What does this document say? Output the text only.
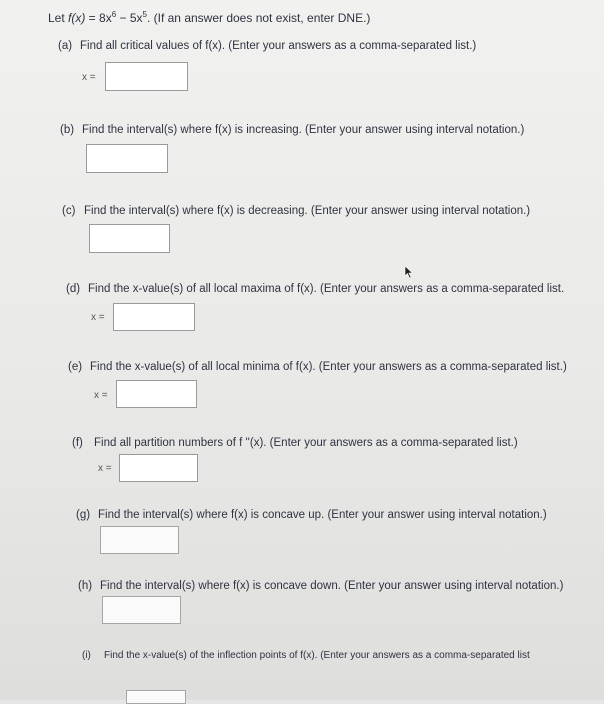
Let $f(x) = 8x^6 - 5x^5$. (If an answer does not exist, enter DNE.)
(a) Find all critical values of f(x). (Enter your answers as a comma-separated list.)
x =
(b) Find the interval(s) where f(x) is increasing. (Enter your answer using interval notation.)
(c) Find the interval(s) where f(x) is decreasing. (Enter your answer using interval notation.)
(d) Find the x-value(s) of all local maxima of f(x). (Enter your answers as a comma-separated list.
x =
(e) Find the x-value(s) of all local minima of f(x). (Enter your answers as a comma-separated list.)
x =
(f) Find all partition numbers of f ''(x). (Enter your answers as a comma-separated list.)
x =
(g) Find the interval(s) where f(x) is concave up. (Enter your answer using interval notation.)
(h) Find the interval(s) where f(x) is concave down. (Enter your answer using interval notation.)
(i) Find the x-value(s) of the inflection points of f(x). (Enter your answers as a comma-separated list
